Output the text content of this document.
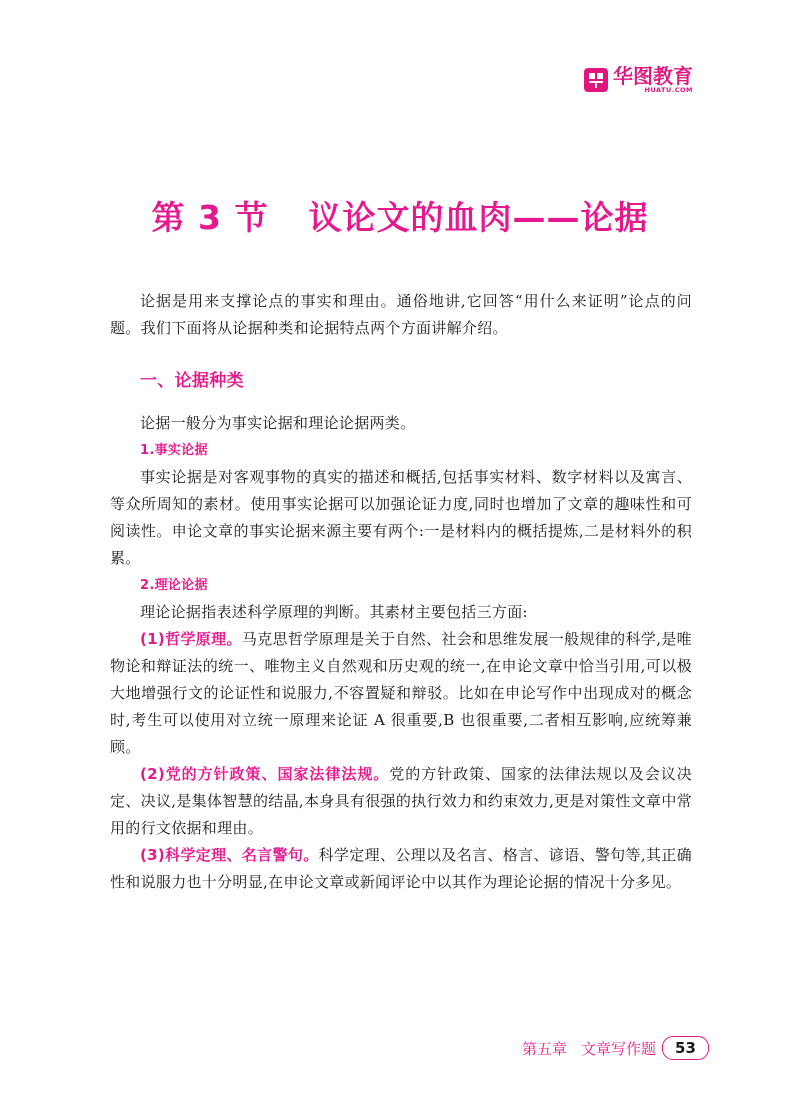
华图教育
HUATU.COM
第 3 节 议论文的血肉——论据

论据是用来支撑论点的事实和理由。通俗地讲,它回答“用什么来证明”论点的问题。我们下面将从论据种类和论据特点两个方面讲解介绍。

一、论据种类

论据一般分为事实论据和理论论据两类。

1.事实论据

事实论据是对客观事物的真实的描述和概括,包括事实材料、数字材料以及寓言、等众所周知的素材。使用事实论据可以加强论证力度,同时也增加了文章的趣味性和可阅读性。申论文章的事实论据来源主要有两个:一是材料内的概括提炼,二是材料外的积累。

2.理论论据

理论论据指表述科学原理的判断。其素材主要包括三方面:

(1)哲学原理。马克思哲学原理是关于自然、社会和思维发展一般规律的科学,是唯物论和辩证法的统一、唯物主义自然观和历史观的统一,在申论文章中恰当引用,可以极大地增强行文的论证性和说服力,不容置疑和辩驳。比如在申论写作中出现成对的概念时,考生可以使用对立统一原理来论证 A 很重要,B 也很重要,二者相互影响,应统筹兼顾。

(2)党的方针政策、国家法律法规。党的方针政策、国家的法律法规以及会议决定、决议,是集体智慧的结晶,本身具有很强的执行效力和约束效力,更是对策性文章中常用的行文依据和理由。

(3)科学定理、名言警句。科学定理、公理以及名言、格言、谚语、警句等,其正确性和说服力也十分明显,在申论文章或新闻评论中以其作为理论论据的情况十分多见。

第五章 文章写作题	53
